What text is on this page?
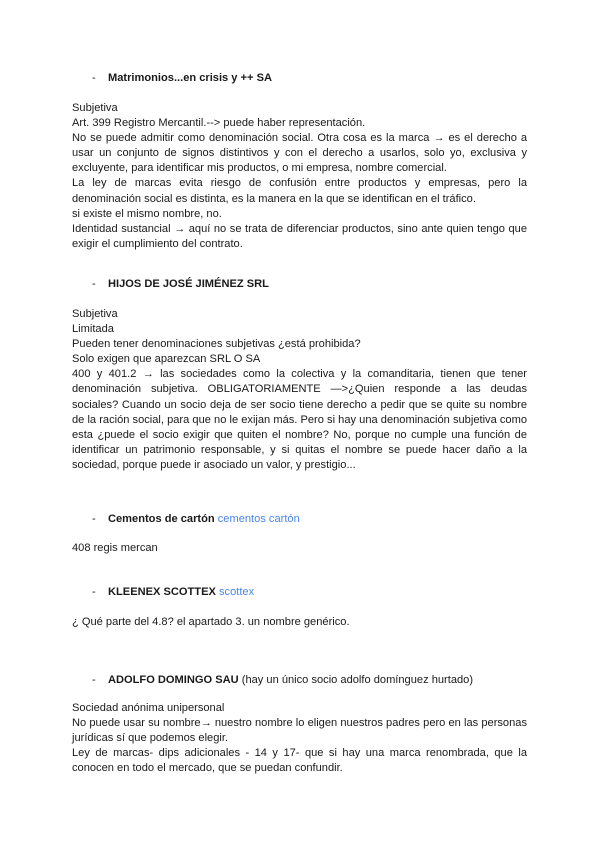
- Matrimonios...en crisis y ++ SA

Subjetiva

Art. 399 Registro Mercantil.--> puede haber representación.

No se puede admitir como denominación social. Otra cosa es la marca → es el derecho a usar un conjunto de signos distintivos y con el derecho a usarlos, solo yo, exclusiva y excluyente, para identificar mis productos, o mi empresa, nombre comercial.

La ley de marcas evita riesgo de confusión entre productos y empresas, pero la denominación social es distinta, es la manera en la que se identifican en el tráfico.

si existe el mismo nombre, no.

Identidad sustancial → aquí no se trata de diferenciar productos, sino ante quien tengo que exigir el cumplimiento del contrato.

- HIJOS DE JOSÉ JIMÉNEZ SRL

Subjetiva

Limitada

Pueden tener denominaciones subjetivas ¿está prohibida?

Solo exigen que aparezcan SRL O SA

400 y 401.2 → las sociedades como la colectiva y la comanditaria, tienen que tener denominación subjetiva. OBLIGATORIAMENTE —>¿Quien responde a las deudas sociales? Cuando un socio deja de ser socio tiene derecho a pedir que se quite su nombre de la ración social, para que no le exijan más. Pero si hay una denominación subjetiva como esta ¿puede el socio exigir que quiten el nombre? No, porque no cumple una función de identificar un patrimonio responsable, y si quitas el nombre se puede hacer daño a la sociedad, porque puede ir asociado un valor, y prestigio...

- Cementos de cartón cementos cartón

408 regis mercan

- KLEENEX SCOTTEX scottex

¿ Qué parte del 4.8? el apartado 3. un nombre genérico.

- ADOLFO DOMINGO SAU (hay un único socio adolfo domínguez hurtado)

Sociedad anónima unipersonal

No puede usar su nombre→ nuestro nombre lo eligen nuestros padres pero en las personas jurídicas sí que podemos elegir.

Ley de marcas- dips adicionales - 14 y 17- que si hay una marca renombrada, que la conocen en todo el mercado, que se puedan confundir.
